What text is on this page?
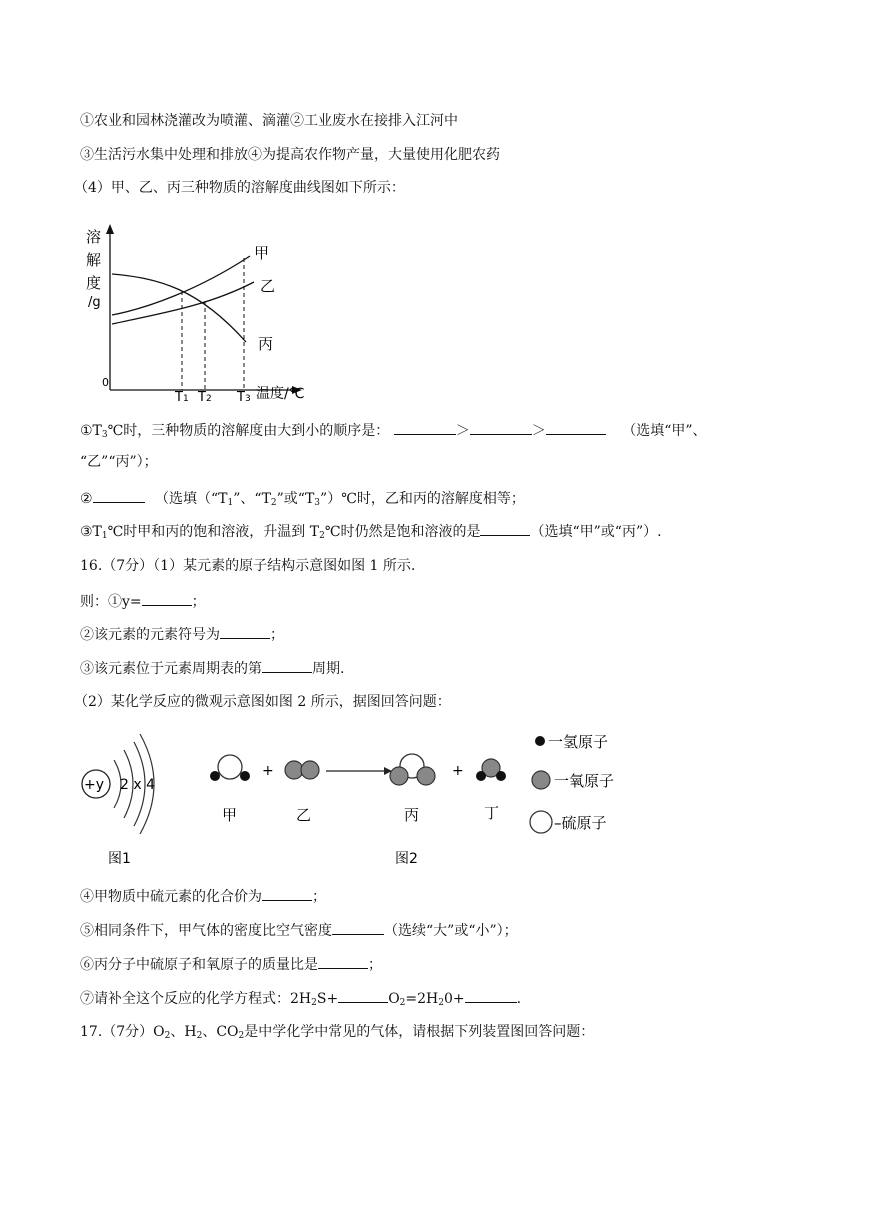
①农业和园林浇灌改为喷灌、滴灌②工业废水在接排入江河中
③生活污水集中处理和排放④为提高农作物产量，大量使用化肥农药
（4）甲、乙、丙三种物质的溶解度曲线图如下所示：
溶
解
度
/g
0
$T_1$ $T_2$ $T_3$ 温度/℃
甲
乙
丙
$①T_3℃$时，三种物质的溶解度由大到小的顺序是：	＞	＞	（选填“甲”、
“乙”“丙”）；
②	（选填（“$T_1$”、“$T_2$”或“$T_3”)℃$时，乙和丙的溶解度相等；
$③T_1℃$时甲和丙的饱和溶液，升温到 $T_2℃$时仍然是饱和溶液的是	（选填“甲”或“丙”）.
16.（7分）（1）某元素的原子结构示意图如图 1 所示.
则：①y=	；
②该元素的元素符号为	；
③该元素位于元素周期表的第	周期.
（2）某化学反应的微观示意图如图 2 所示，据图回答问题：
+y 2 x 4
图1
+	+
甲	乙	丙	丁
一氢原子
一氧原子
–硫原子
图2
④甲物质中硫元素的化合价为	；
⑤相同条件下，甲气体的密度比空气密度	（选续“大”或“小”）；
⑥丙分子中硫原子和氧原子的质量比是	；
⑦请补全这个反应的化学方程式：$2H_2S+$	$O_2=2H_20+$	.
17.（7分）$O_2$、$H_2$、$CO_2$是中学化学中常见的气体，请根据下列装置图回答问题：
